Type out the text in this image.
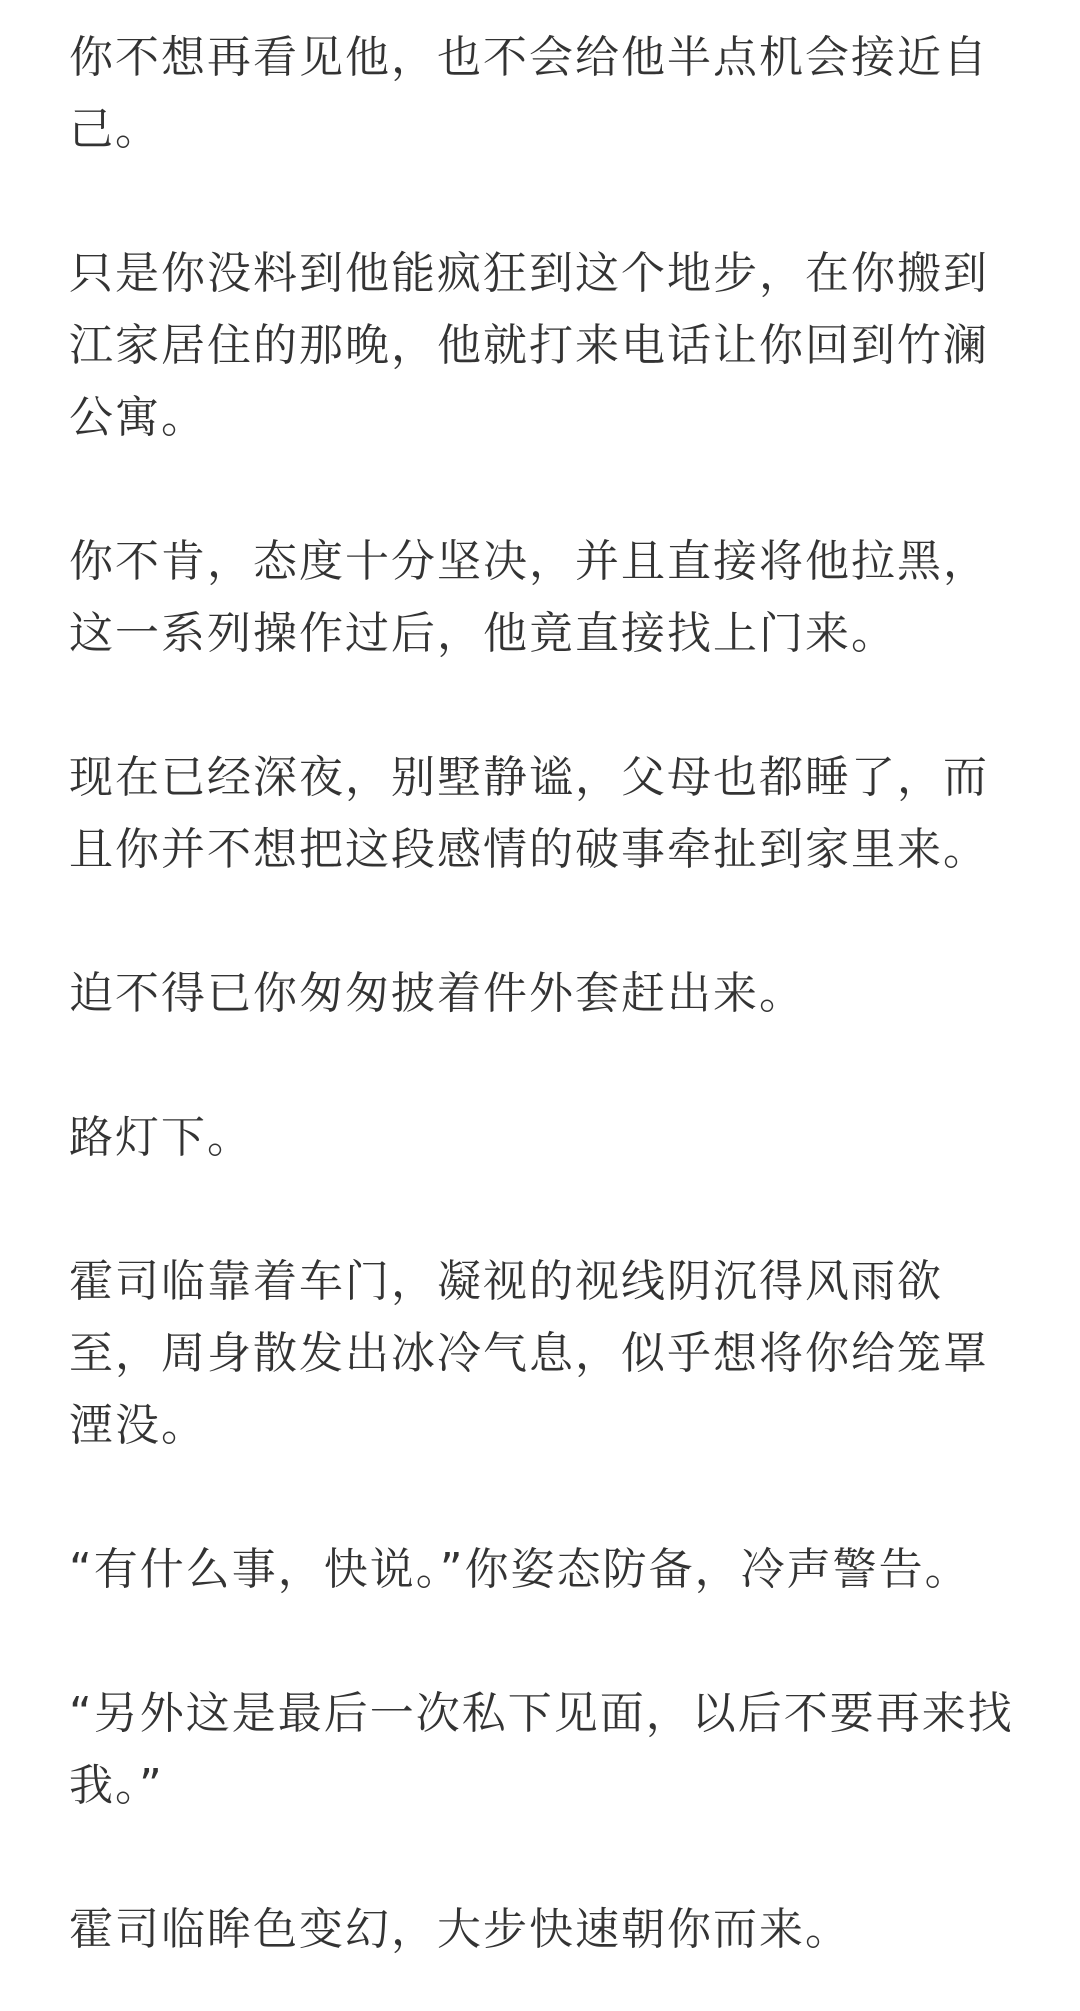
你不想再看见他，也不会给他半点机会接近自己。

只是你没料到他能疯狂到这个地步，在你搬到江家居住的那晚，他就打来电话让你回到竹澜公寓。

你不肯，态度十分坚决，并且直接将他拉黑，这一系列操作过后，他竟直接找上门来。

现在已经深夜，别墅静谧，父母也都睡了，而且你并不想把这段感情的破事牵扯到家里来。

迫不得已你匆匆披着件外套赶出来。

路灯下。

霍司临靠着车门，凝视的视线阴沉得风雨欲至，周身散发出冰冷气息，似乎想将你给笼罩湮没。

“有什么事，快说。”你姿态防备，冷声警告。

“另外这是最后一次私下见面，以后不要再来找我。”

霍司临眸色变幻，大步快速朝你而来。
